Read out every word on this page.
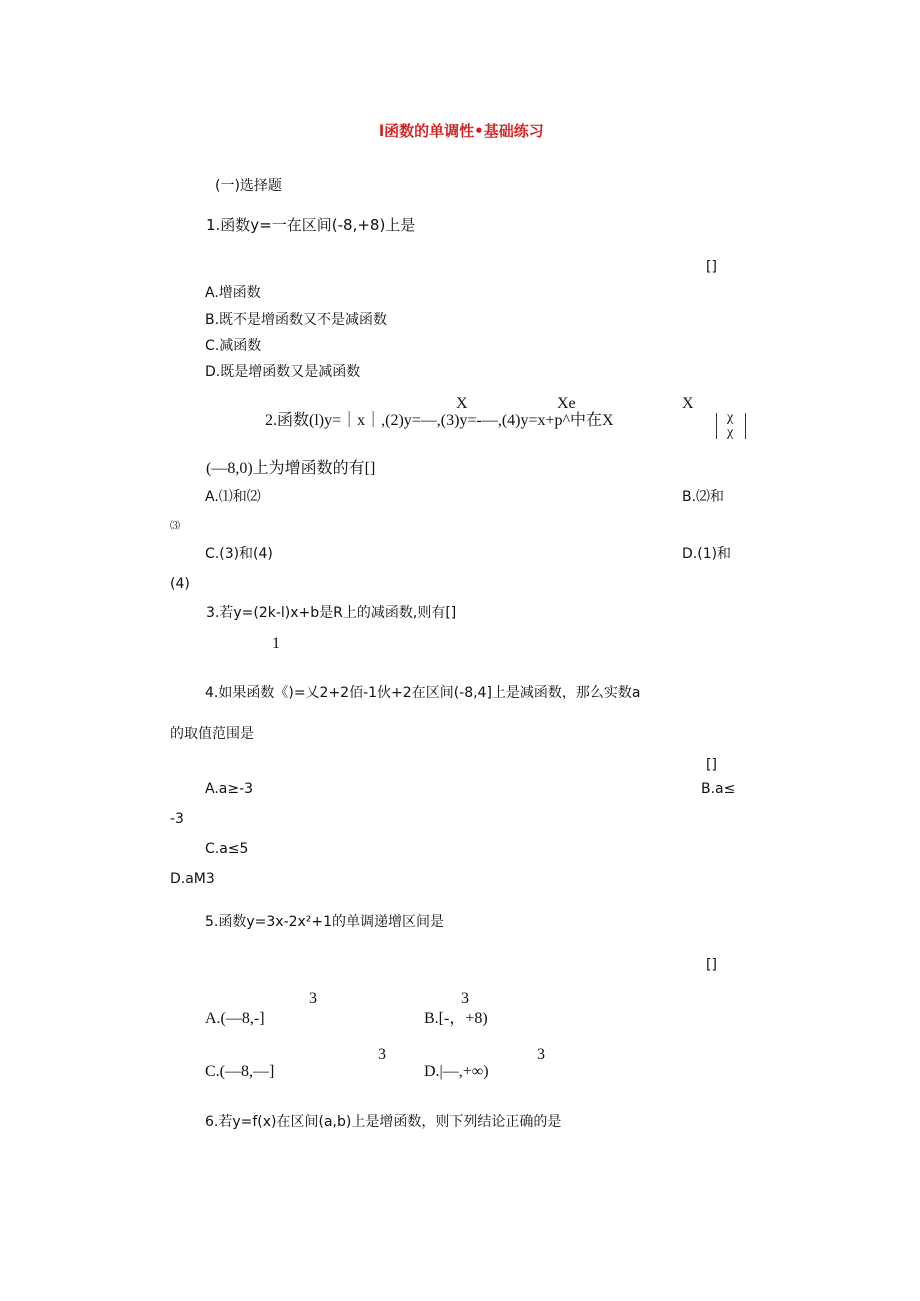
l函数的单调性•基础练习
(一)选择题
1.函数y=一在区间(-8,+8)上是
[]
A.增函数
B.既不是增函数又不是减函数
C.减函数
D.既是增函数又是减函数
X	Xe	X
2.函数(l)y=｜x｜,(2)y=—,(3)y=-—,(4)y=x+p^中在X	χ
χ
(—8,0)上为增函数的有[]
A.⑴和⑵	B.⑵和
⑶
C.(3)和(4)	D.(1)和
(4)
3.若y=(2k-l)x+b是R上的减函数,则有[]
1
4.如果函数《)=乂2+2佰-1伙+2在区间(-8,4]上是减函数，那么实数a
的取值范围是
[]
A.a≥-3	B.a≤
-3
C.a≤5
D.aM3
5.函数y=3x-2x²+1的单调递增区间是
[]
3	3
A.(—8,-]	B.[-，+8)
3	3
C.(—8,—]	D.|—,+∞)
6.若y=f(x)在区间(a,b)上是增函数，则下列结论正确的是
